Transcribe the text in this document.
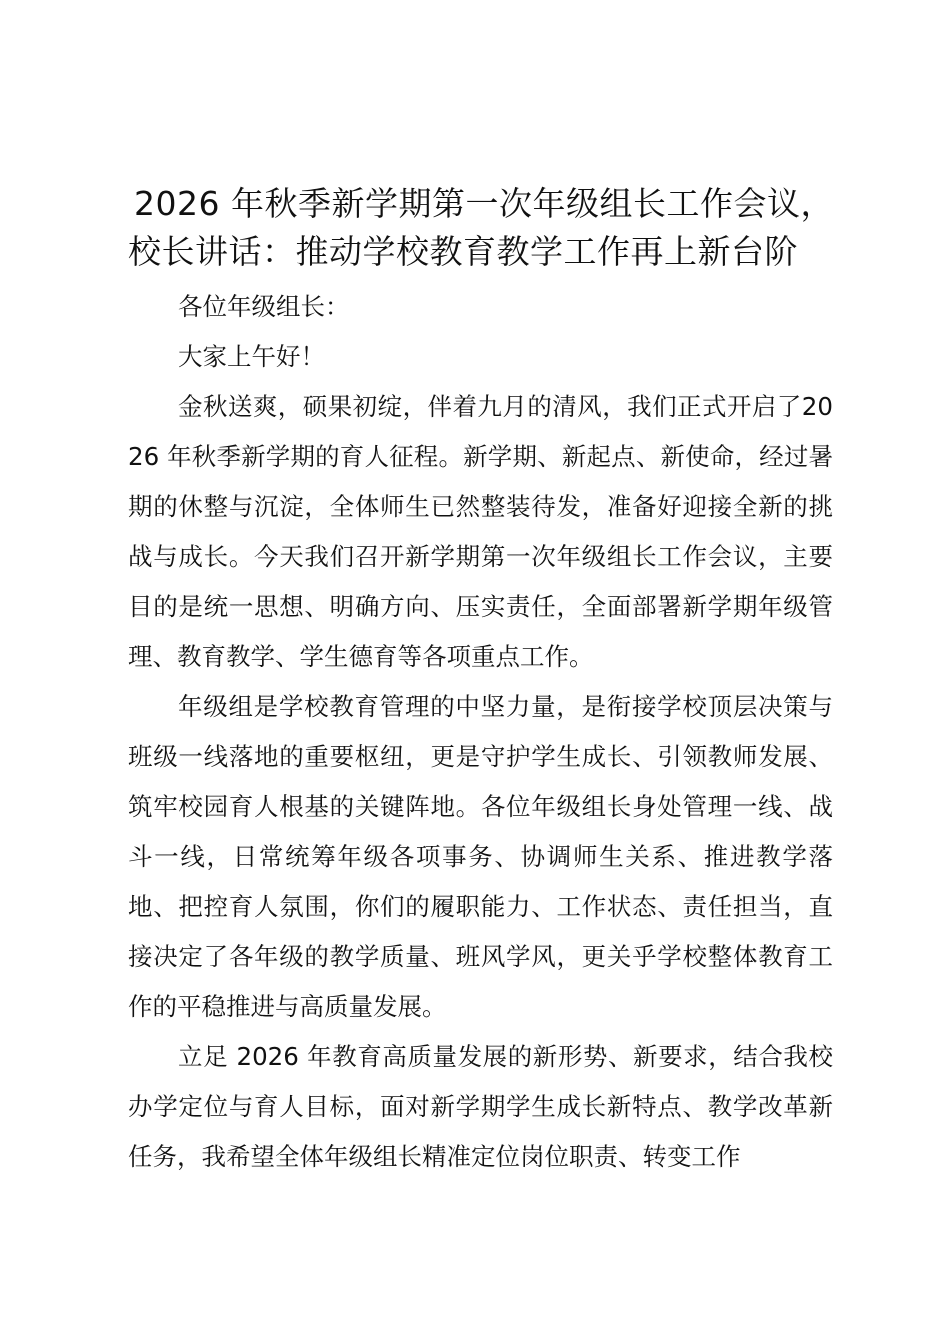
2026 年秋季新学期第一次年级组长工作会议，
校长讲话：推动学校教育教学工作再上新台阶

各位年级组长：

大家上午好！

金秋送爽，硕果初绽，伴着九月的清风，我们正式开启了2026 年秋季新学期的育人征程。新学期、新起点、新使命，经过暑期的休整与沉淀，全体师生已然整装待发，准备好迎接全新的挑战与成长。今天我们召开新学期第一次年级组长工作会议，主要目的是统一思想、明确方向、压实责任，全面部署新学期年级管理、教育教学、学生德育等各项重点工作。

年级组是学校教育管理的中坚力量，是衔接学校顶层决策与班级一线落地的重要枢纽，更是守护学生成长、引领教师发展、筑牢校园育人根基的关键阵地。各位年级组长身处管理一线、战斗一线，日常统筹年级各项事务、协调师生关系、推进教学落地、把控育人氛围，你们的履职能力、工作状态、责任担当，直接决定了各年级的教学质量、班风学风，更关乎学校整体教育工作的平稳推进与高质量发展。

立足 2026 年教育高质量发展的新形势、新要求，结合我校办学定位与育人目标，面对新学期学生成长新特点、教学改革新任务，我希望全体年级组长精准定位岗位职责、转变工作
